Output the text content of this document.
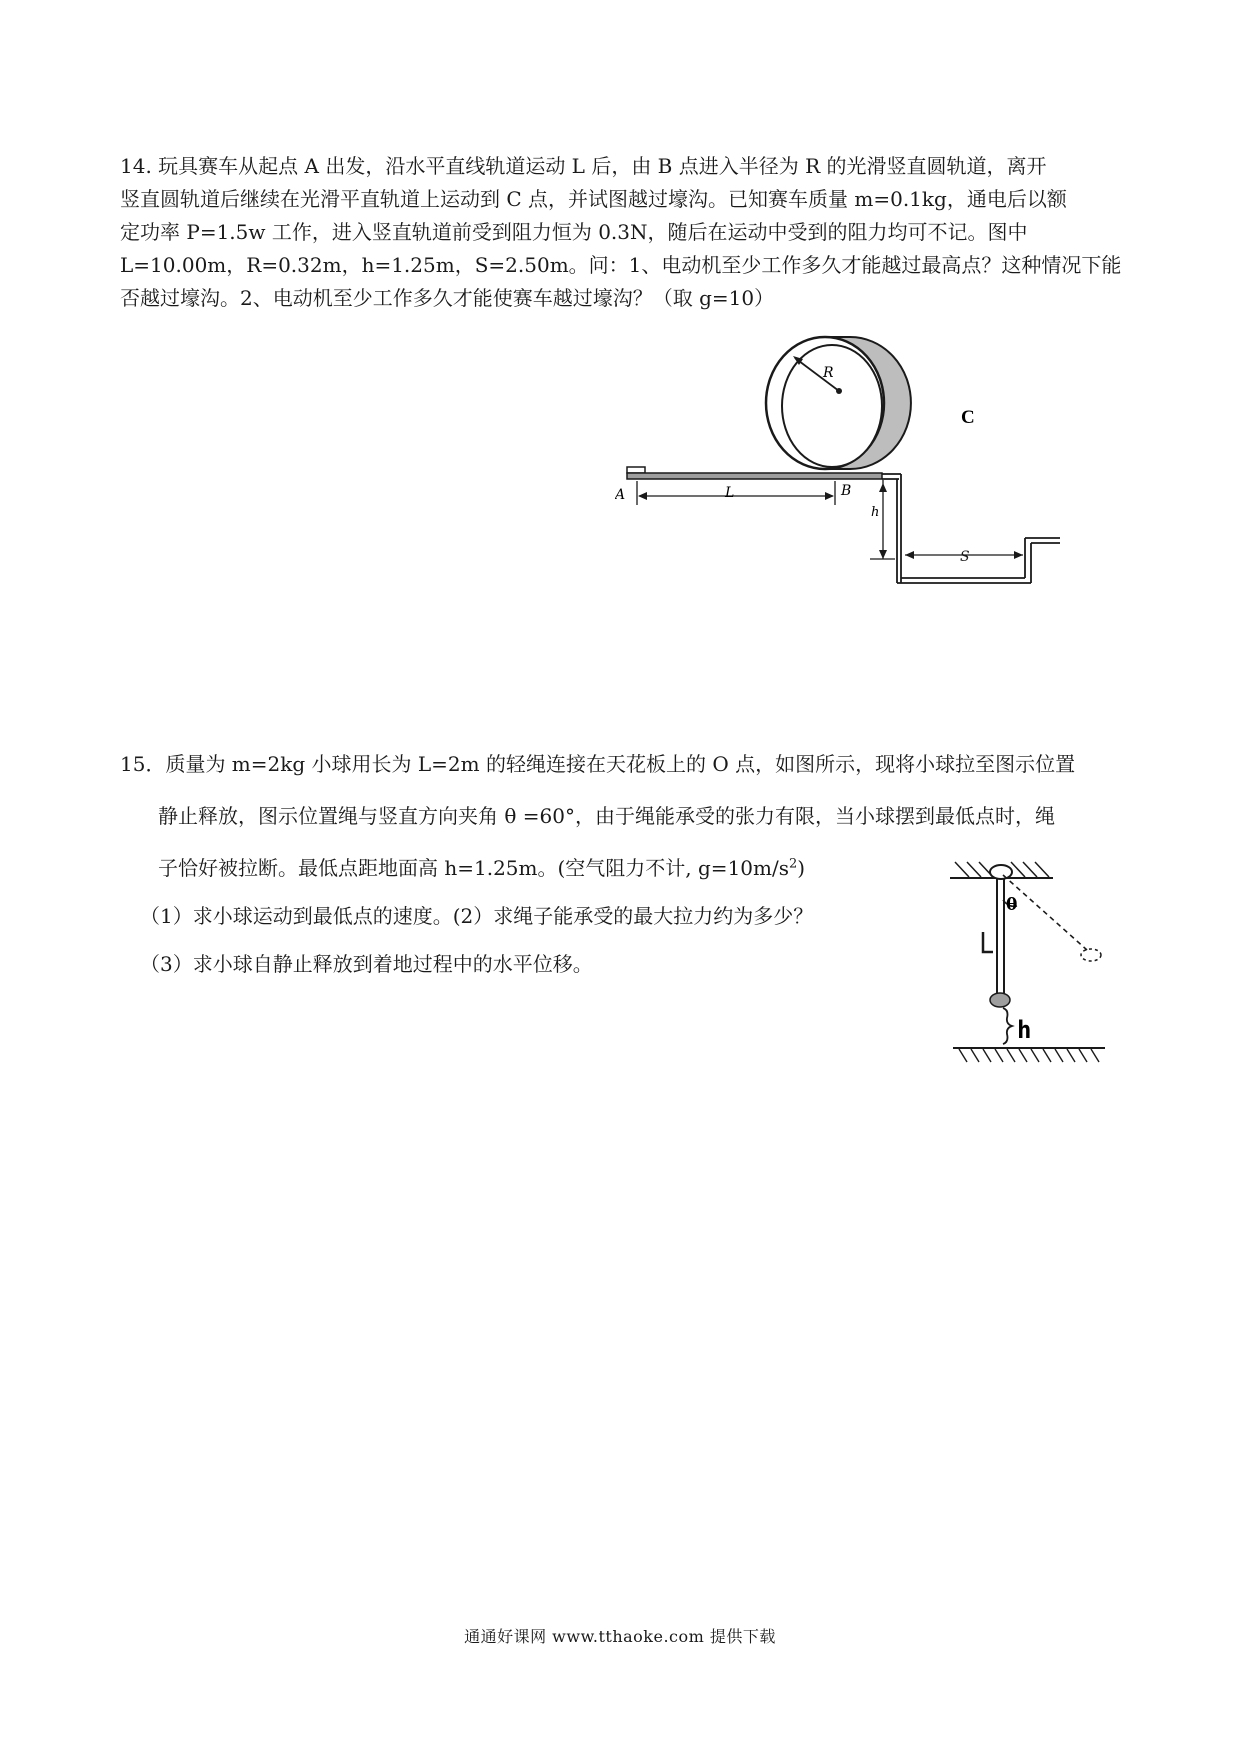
14. 玩具赛车从起点 A 出发，沿水平直线轨道运动 L 后，由 B 点进入半径为 R 的光滑竖直圆轨道，离开

竖直圆轨道后继续在光滑平直轨道上运动到 C 点，并试图越过壕沟。已知赛车质量 m=0.1kg，通电后以额

定功率 P=1.5w 工作，进入竖直轨道前受到阻力恒为 0.3N，随后在运动中受到的阻力均可不记。图中

L=10.00m，R=0.32m，h=1.25m，S=2.50m。问：1、电动机至少工作多久才能越过最高点？这种情况下能

否越过壕沟。2、电动机至少工作多久才能使赛车越过壕沟？（取 g=10）

R
L
h
S
A	B
C
15．质量为 m=2kg 小球用长为 L=2m 的轻绳连接在天花板上的 O 点，如图所示，现将小球拉至图示位置
静止释放，图示位置绳与竖直方向夹角 θ =60°，由于绳能承受的张力有限，当小球摆到最低点时，绳
子恰好被拉断。最低点距地面高 h=1.25m。(空气阻力不计, $g=10m/s^2$)
（1）求小球运动到最低点的速度。(2）求绳子能承受的最大拉力约为多少？
（3）求小球自静止释放到着地过程中的水平位移。
θ
L
h
通通好课网 www.tthaoke.com 提供下载
